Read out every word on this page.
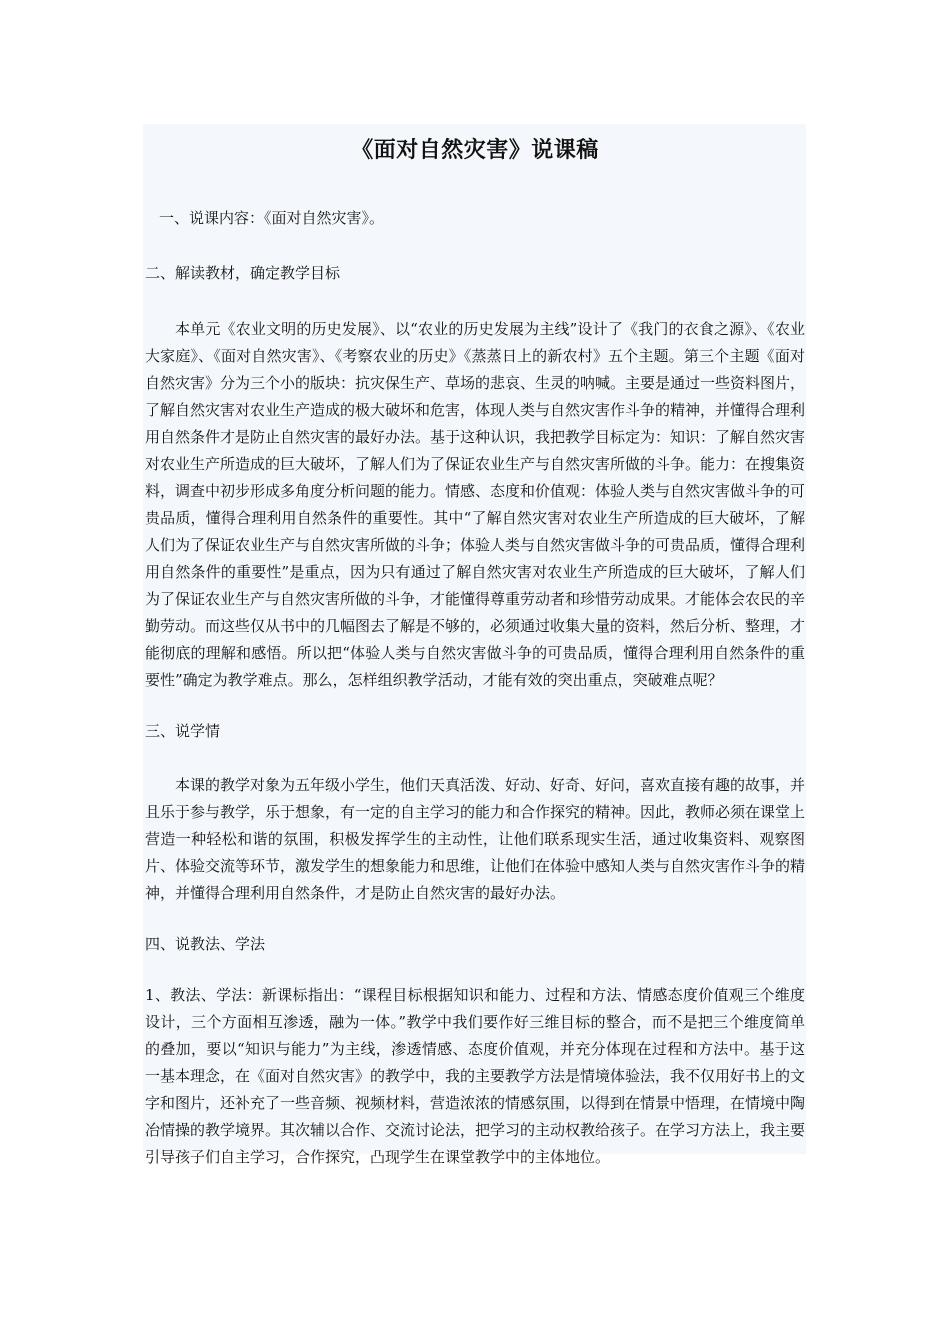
《面对自然灾害》说课稿

一、说课内容：《面对自然灾害》。

二、解读教材，确定教学目标

本单元《农业文明的历史发展》、以“农业的历史发展为主线”设计了《我门的衣食之源》、《农业大家庭》、《面对自然灾害》、《考察农业的历史》《蒸蒸日上的新农村》五个主题。第三个主题《面对自然灾害》分为三个小的版块：抗灾保生产、草场的悲哀、生灵的呐喊。主要是通过一些资料图片，了解自然灾害对农业生产造成的极大破坏和危害，体现人类与自然灾害作斗争的精神，并懂得合理利用自然条件才是防止自然灾害的最好办法。基于这种认识，我把教学目标定为：知识：了解自然灾害对农业生产所造成的巨大破坏，了解人们为了保证农业生产与自然灾害所做的斗争。能力：在搜集资料，调查中初步形成多角度分析问题的能力。情感、态度和价值观：体验人类与自然灾害做斗争的可贵品质，懂得合理利用自然条件的重要性。其中“了解自然灾害对农业生产所造成的巨大破坏，了解人们为了保证农业生产与自然灾害所做的斗争；体验人类与自然灾害做斗争的可贵品质，懂得合理利用自然条件的重要性”是重点，因为只有通过了解自然灾害对农业生产所造成的巨大破坏，了解人们为了保证农业生产与自然灾害所做的斗争，才能懂得尊重劳动者和珍惜劳动成果。才能体会农民的辛勤劳动。而这些仅从书中的几幅图去了解是不够的，必须通过收集大量的资料，然后分析、整理，才能彻底的理解和感悟。所以把“体验人类与自然灾害做斗争的可贵品质，懂得合理利用自然条件的重要性”确定为教学难点。那么，怎样组织教学活动，才能有效的突出重点，突破难点呢？

三、说学情

本课的教学对象为五年级小学生，他们天真活泼、好动、好奇、好问，喜欢直接有趣的故事，并且乐于参与教学，乐于想象，有一定的自主学习的能力和合作探究的精神。因此，教师必须在课堂上营造一种轻松和谐的氛围，积极发挥学生的主动性，让他们联系现实生活，通过收集资料、观察图片、体验交流等环节，激发学生的想象能力和思维，让他们在体验中感知人类与自然灾害作斗争的精神，并懂得合理利用自然条件，才是防止自然灾害的最好办法。

四、说教法、学法

1、教法、学法：新课标指出：“课程目标根据知识和能力、过程和方法、情感态度价值观三个维度设计，三个方面相互渗透，融为一体。”教学中我们要作好三维目标的整合，而不是把三个维度简单的叠加，要以“知识与能力”为主线，渗透情感、态度价值观，并充分体现在过程和方法中。基于这一基本理念，在《面对自然灾害》的教学中，我的主要教学方法是情境体验法，我不仅用好书上的文字和图片，还补充了一些音频、视频材料，营造浓浓的情感氛围，以得到在情景中悟理，在情境中陶冶情操的教学境界。其次辅以合作、交流讨论法，把学习的主动权教给孩子。在学习方法上，我主要引导孩子们自主学习，合作探究，凸现学生在课堂教学中的主体地位。
